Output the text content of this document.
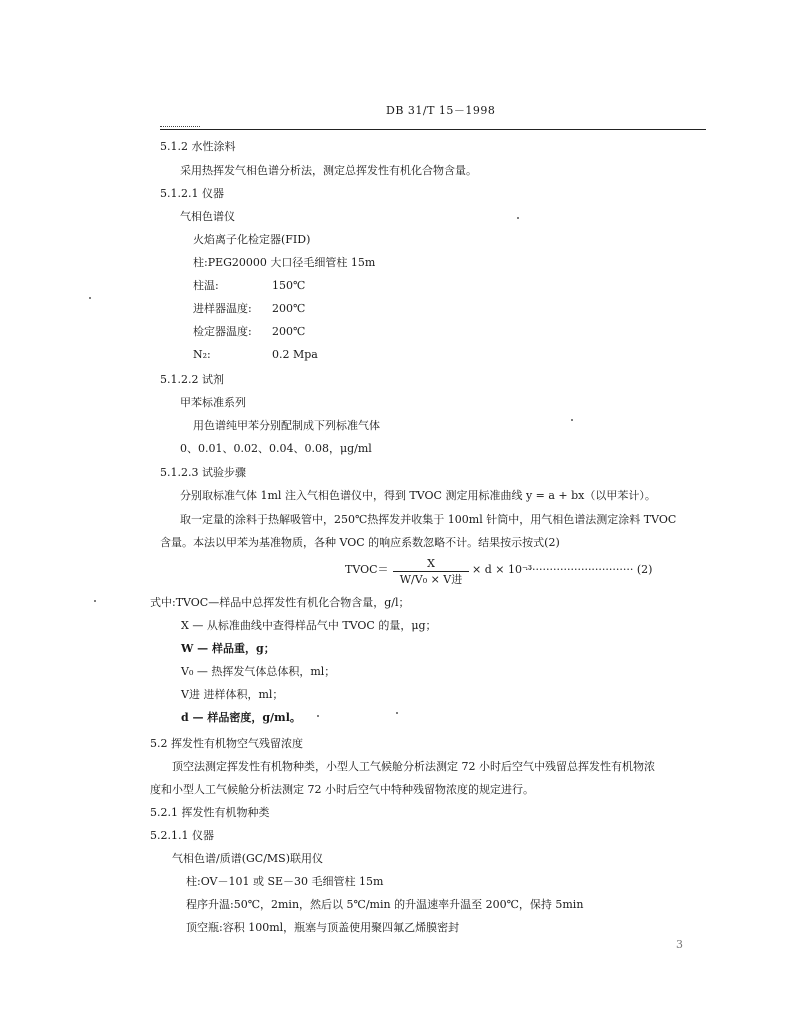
DB 31/T 15－1998
5.1.2 水性涂料
采用热挥发气相色谱分析法，测定总挥发性有机化合物含量。
5.1.2.1 仪器
气相色谱仪
火焰离子化检定器(FID)
柱:PEG20000 大口径毛细管柱 15m
柱温:	150℃
进样器温度: 200℃
检定器温度: 200℃
N₂:	0.2 Mpa
5.1.2.2 试剂
甲苯标准系列
用色谱纯甲苯分别配制成下列标准气体
0、0.01、0.02、0.04、0.08，μg/ml
5.1.2.3 试验步骤
分别取标准气体 1ml 注入气相色谱仪中，得到 TVOC 测定用标准曲线 y = a + bx（以甲苯计）。
取一定量的涂料于热解吸管中，250℃热挥发并收集于 100ml 针筒中，用气相色谱法测定涂料 TVOC
含量。本法以甲苯为基准物质，各种 VOC 的响应系数忽略不计。结果按示按式(2)
TVOC＝	X
W/V₀ × V进
× d × 10⁻³
······························· (2)
式中:TVOC—样品中总挥发性有机化合物含量，g/l；
X — 从标准曲线中查得样品气中 TVOC 的量，μg；
W — 样品重，g；
V₀ — 热挥发气体总体积，ml；
V进 进样体积，ml；
d — 样品密度，g/ml。
5.2 挥发性有机物空气残留浓度
顶空法测定挥发性有机物种类，小型人工气候舱分析法测定 72 小时后空气中残留总挥发性有机物浓
度和小型人工气候舱分析法测定 72 小时后空气中特种残留物浓度的规定进行。
5.2.1 挥发性有机物种类
5.2.1.1 仪器
气相色谱/质谱(GC/MS)联用仪
柱:OV－101 或 SE－30 毛细管柱 15m
程序升温:50℃，2min，然后以 5℃/min 的升温速率升温至 200℃，保持 5min
顶空瓶:容积 100ml，瓶塞与顶盖使用聚四氟乙烯膜密封
3
